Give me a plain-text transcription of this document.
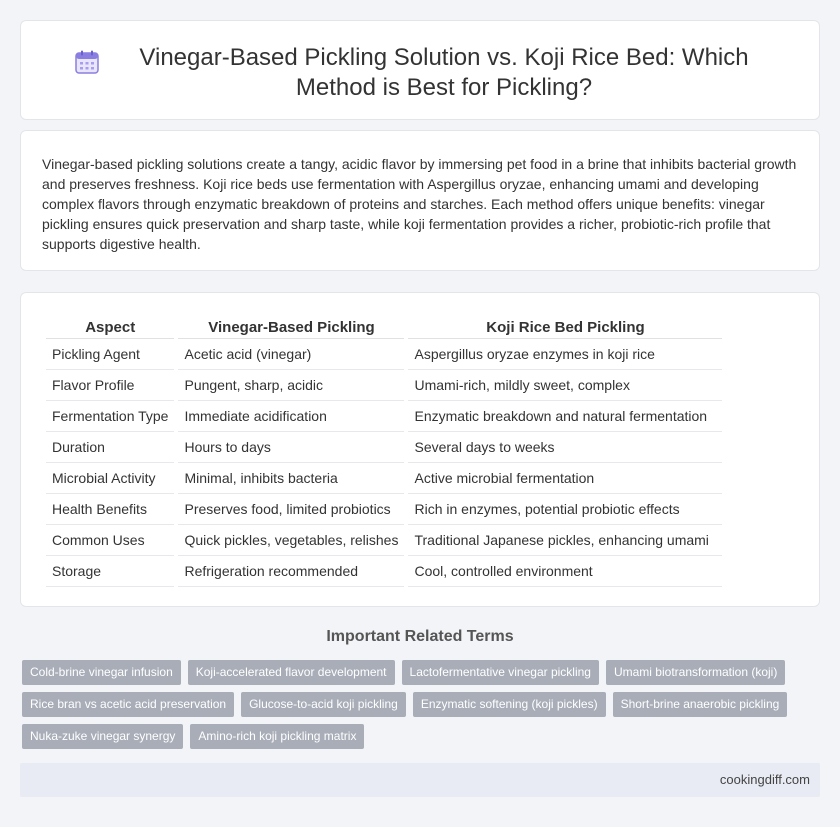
Vinegar-Based Pickling Solution vs. Koji Rice Bed: Which Method is Best for Pickling?

Vinegar-based pickling solutions create a tangy, acidic flavor by immersing pet food in a brine that inhibits bacterial growth and preserves freshness. Koji rice beds use fermentation with Aspergillus oryzae, enhancing umami and developing complex flavors through enzymatic breakdown of proteins and starches. Each method offers unique benefits: vinegar pickling ensures quick preservation and sharp taste, while koji fermentation provides a richer, probiotic-rich profile that supports digestive health.

Aspect	Vinegar-Based Pickling	Koji Rice Bed Pickling
Pickling Agent	Acetic acid (vinegar)	Aspergillus oryzae enzymes in koji rice
Flavor Profile	Pungent, sharp, acidic	Umami-rich, mildly sweet, complex
Fermentation Type	Immediate acidification	Enzymatic breakdown and natural fermentation
Duration	Hours to days	Several days to weeks
Microbial Activity	Minimal, inhibits bacteria	Active microbial fermentation
Health Benefits	Preserves food, limited probiotics	Rich in enzymes, potential probiotic effects
Common Uses	Quick pickles, vegetables, relishes	Traditional Japanese pickles, enhancing umami
Storage	Refrigeration recommended	Cool, controlled environment
Important Related Terms
Cold-brine vinegar infusion	Koji-accelerated flavor development	Lactofermentative vinegar pickling	Umami biotransformation (koji)
Rice bran vs acetic acid preservation	Glucose-to-acid koji pickling	Enzymatic softening (koji pickles)	Short-brine anaerobic pickling
Nuka-zuke vinegar synergy	Amino-rich koji pickling matrix
cookingdiff.com
